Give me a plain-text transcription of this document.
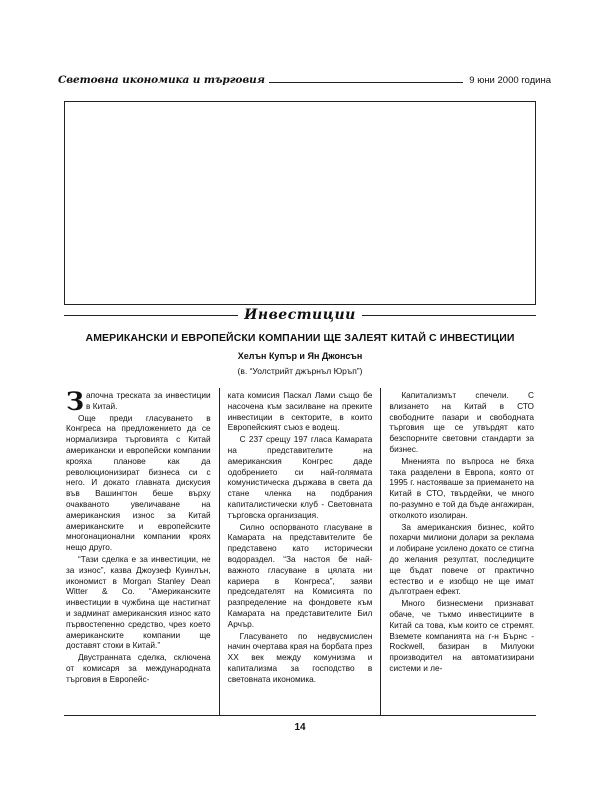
Световна икономика и търговия	9 юни 2000 година
Инвестиции
АМЕРИКАНСКИ И ЕВРОПЕЙСКИ КОМПАНИИ ЩЕ ЗАЛЕЯТ КИТАЙ С ИНВЕСТИЦИИ
Хелън Купър и Ян Джонсън
(в. “Уолстрийт джърнъл Юръп”)

Започна треската за инвестиции в Китай.

Още преди гласуването в Конгреса на предложението да се нормализира търговията с Китай американски и европейски компании крояха планове как да революционизират бизнеса си с него. И докато главната дискусия във Вашингтон беше върху очакваното увеличаване на американския износ за Китай американските и европейските многонационални компании кроях нещо друго.

“Тази сделка е за инвестиции, не за износ”, казва Джоузеф Куинлън, икономист в Morgan Stanley Dean Witter & Co. “Американските инвестиции в чужбина ще настигнат и задминат американския износ като първостепенно средство, чрез което американските компании ще доставят стоки в Китай.”

Двустранната сделка, сключена от комисаря за международната търговия в Европейс-

ката комисия Паскал Лами също бе насочена към засилване на преките инвестиции в секторите, в които Европейският съюз е водещ.

С 237 срещу 197 гласа Камарата на представителите на американския Конгрес даде одобрението си най-голямата комунистическа държава в света да стане членка на подбрания капиталистически клуб - Световната търговска организация.

Силно оспорваното гласуване в Камарата на представителите бе представено като исторически водораздел. “За настоя бе най-важното гласуване в цялата ни кариера в Конгреса”, заяви председателят на Комисията по разпределение на фондовете към Камарата на представителите Бил Арчър.

Гласуването по недвусмислен начин очертава края на борбата през XX век между комунизма и капитализма за господство в световната икономика.

Капитализмът спечели. С влизането на Китай в СТО свободните пазари и свободната търговия ще се утвърдят като безспорните световни стандарти за бизнес.

Мненията по въпроса не бяха така разделени в Европа, която от 1995 г. настояваше за приемането на Китай в СТО, твърдейки, че много по-разумно е той да бъде ангажиран, отколкото изолиран.

За американския бизнес, който похарчи милиони долари за реклама и лобиране усилено докато се стигна до желания резултат, последиците ще бъдат повече от практично естество и е изобщо не ще имат дълготраен ефект.

Много бизнесмени признават обаче, че тъкмо инвестициите в Китай са това, към които се стремят. Вземете компанията на г-н Бърнс - Rockwell, базиран в Милуоки производител на автоматизирани системи и ле-

14
